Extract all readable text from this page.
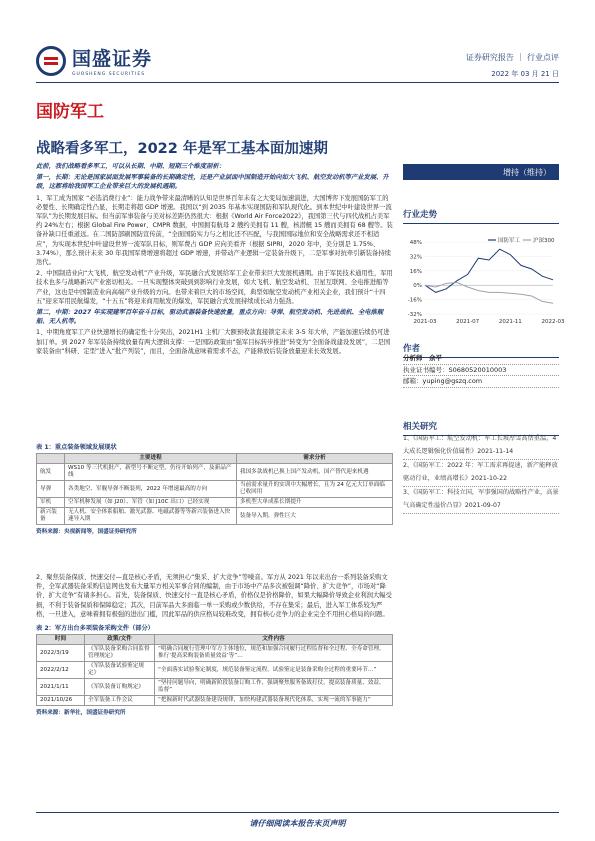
国盛证券
GUOSHENG SECURITIES
证券研究报告 ｜ 行业点评
2022 年 03 月 21 日
国防军工
战略看多军工，2022 年是军工基本面加速期

此前，我们战略看多军工，可以从长期、中期、短期三个维度剖析：

第一，长期：无论是国家层面发展军事装备的长期确定性，还是产业层面中国制造开始向如大飞机、航空发动机等产业发展、升级，这都将给我国军工企业带来巨大的发展机遇期。

1、军工成为国家 “必选消费行业”：能力战争带来最清晰的认知是世界百年未有之大变局加速演进，大国博弈下发展国防军工的必要性、长期确定性凸显，长期走将超 GDP 增速。我国以“到 2035 年基本实现国防和军队现代化。到本世纪中叶建设世界一流军队”为长期发展目标。但当前军事装备与美对标差距仍然很大：根据《World Air Force2022》，我国第三代与四代战机占美军约 24%左右；根据 Global Fire Power、CMPR 数据，中国拥有航母 2 艘约美拥有 11 艘，核潜艇 15 艘而美拥有 68 艘等。装备补缺口任重道远。在二国防部刷国防宣传前，“全面国防实力与之相比还不匹配，与我国国际地位和安全战略需求还不相适应”，为实现本世纪中叶建设世界一流军队目标，则军费占 GDP 应向美看齐（根据 SIPRI，2020 年中，美分别是 1.75%、3.74%），那么预计未来 30 年我国军费增速将超过 GDP 增速，并带动产业逻辑一定装备升级下，二是军事对抗牵引新装备持续迭代。

2、中国制造业向“大飞机、航空发动机”产业升级，军民融合式发展给军工企业带来巨大发展机遇期。由于军民技术通用性，军用技术也多与战略新兴产业密切相关。一旦实现整体突破到到影响行业发展，如大飞机、航空发动机、卫星互联网、全电推进船等产业，这也是中国制造业向高端产业升级的方向。也带来着巨大的市场空间，典型如航空发动机产业相关企业，我们预计“十四五”迎来军用民航爆发，“十五五”将迎来商用航发的爆发，军民融合式发展持续成长动力强劲。

第二，中期：2027 年实现建军百年奋斗目标，驱动武器装备快速放量，重点方向：导弹、航空发动机、先进战机、全电推舰船、无人机等。

1、中期角度军工产业快速增长的确定性十分突出，2021H1 主机厂大额预收款直接锁定未来 3-5 年大单，产能加速后续仍可进加订单。到 2027 年军装备持续放量有两大逻辑支撑：一是国防政策由“强军目标转步推进”转变为“全面备战建设发展”，二是国家装备由“科研、定型”进入“批产列装”，而且，全面备战意味着需求不态，产能释放后装备放量迎来长效发展。

表 1：重点装备领域发展现状
	主要进程	需求分析
航发	WS10 等三代机批产，新型号不断定型，仍待开始列产，及新品产线	我国多款战机已换上国产发动机，国产替代迎来机遇
导弹	各类地空、军舰导弹不断装列，2022 年增速最高的方向	当前需求量升的实训中大幅增长，且为 24 亿元大订单面临已收回用
军机	空军机种发展（如 J20）、军管（如 J10C 出口）已经实现	多机型大单成系长期提升
新兴装备	无人机、安全体系船舶、激光武器、电磁武器等等新兴装备进入快速导入期	装备导入期，弹性巨大
资料来源：央视新闻等，国盛证券研究所
2、聚焦装备保质、快速交付—直是核心矛盾，无须担心“集采、扩大竞争”等噪音。军方从 2021 年以来出台一系列装备采购文件，全军武器装备采购信息网也发布大量军方相关军事合同的编制，由于市场中产品多次被强调“降价、扩大竞争”，市场对“降价、扩大竞争”有诸多担心。首先，装备保质、快速交付一直是核心矛盾，价格仅是价格降价，如果大幅降价导致企业利润大幅受损，不利于装备保质和保障稳定；其次，目前军品大多面临一单一采购或少数供给，不存在集采；最后，进入军工体系较为严格，一旦进入，意味着拥有极强的进出门槛，因此军品的供应格局较难改变，拥有核心竞争力的企业完全不用担心格局的问题。
表 2：军方出台多项装备采购文件（部分）
时间	政策/文件	文件内容
2022/3/19	《军队装备采购合同监督管理规定》	“明确合同履行管理中军方主体地位，规范和加强合同履行过程监督和全过程、全寿命管理，推行‘提高采购装备质量效益’等”…
2022/2/12	《军队装备试验鉴定规定》	“全面落实试验鉴定制度，规范装备鉴定流程，试验鉴定是装备采购全过程的重要环节…”
2021/1/11	《军队装备订购规定》	“坚持问题导向，明确新阶段装备订购工作，强调聚焦服务备战打仗，提高装备质量、效益、监督”
2021/10/26	全军装备工作会议	“把握新时代武器装备建设规律，加快构建武器装备现代化体系，实现一流的军事能力”
资料来源：新华社，国盛证券研究所
增持（维持）
行业走势
48%
32%
16%
0%
-16%
-32%
2021-03	2021-07	2021-11	2022-03
国防军工 沪深300
作者
分析师　 余平
执业证书编号：S0680520010003
邮箱：yuping@gszq.com
相关研究
1、《国防军工：航空发动机：军工长坡厚雪高估重温，4 大成长逻辑强化价值属性》2021-11-14
2、《国防军工：2022 年：军工需求再提速，新产能释放驱动行业，业绩高增长》2021-10-22
3、《国防军工：科技立国，军事强国的战略性产业，高景气高确定性溢价凸显》2021-09-07
请仔细阅读本报告末页声明
